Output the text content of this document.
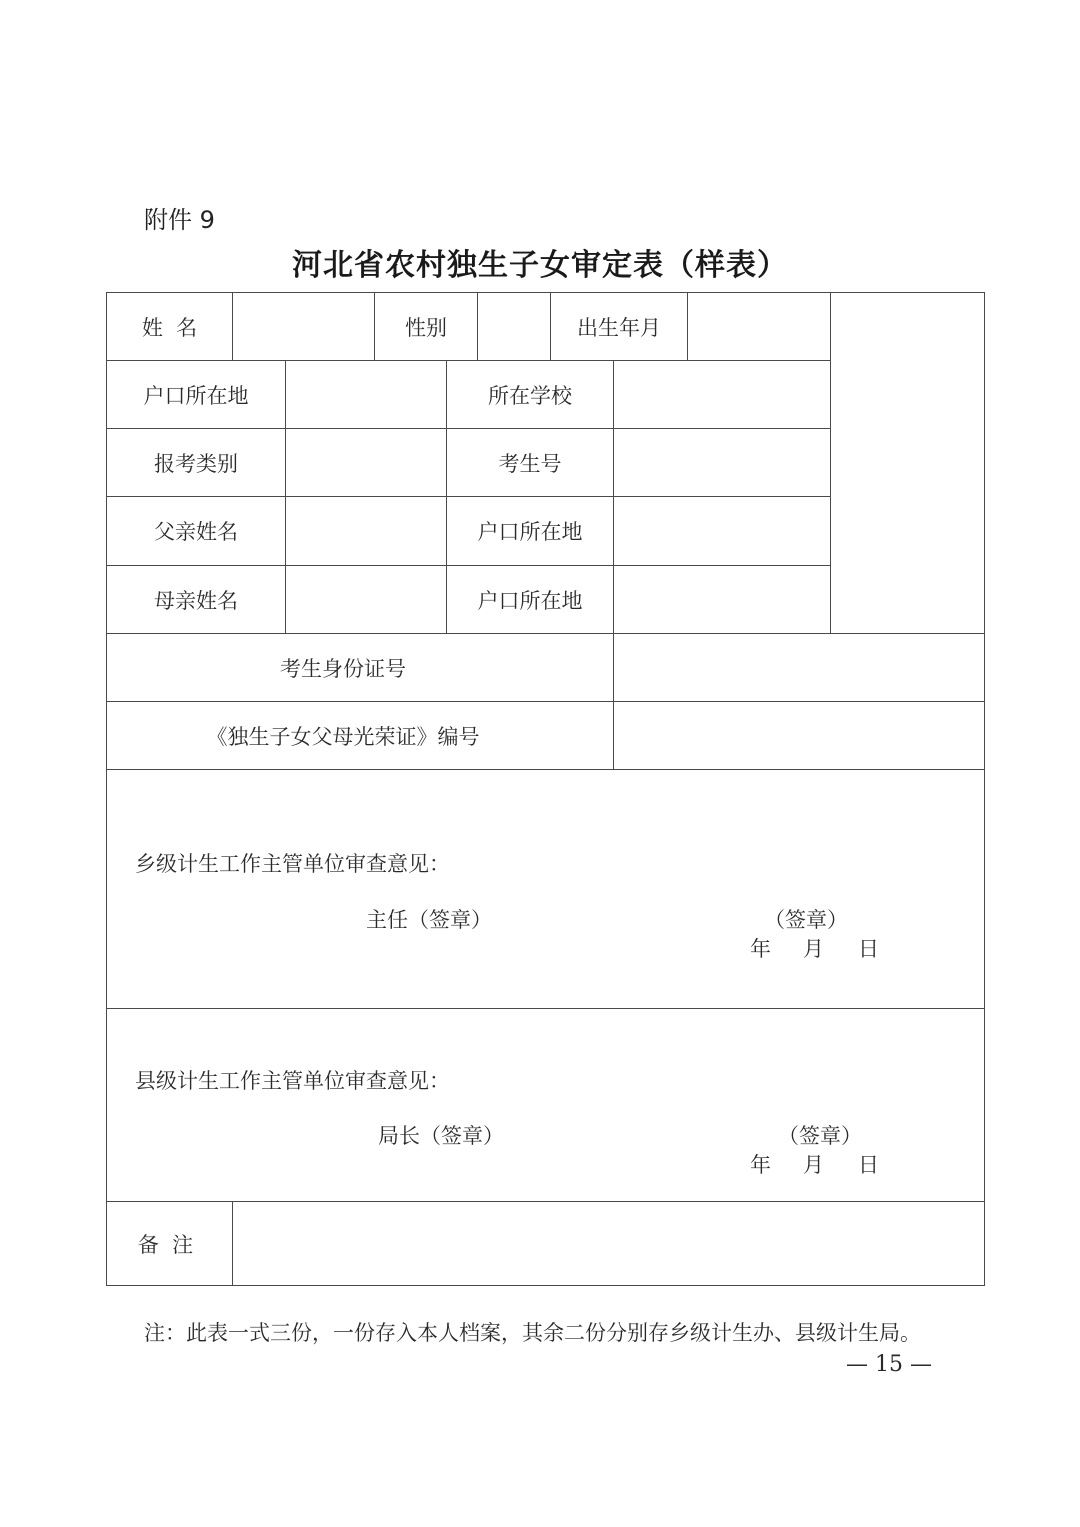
附件 9
河北省农村独生子女审定表（样表）
姓  名	性别	出生年月
户口所在地	所在学校
报考类别	考生号
父亲姓名	户口所在地
母亲姓名	户口所在地
考生身份证号
《独生子女父母光荣证》编号
乡级计生工作主管单位审查意见：
主任（签章）	（签章）
年 月 日
县级计生工作主管单位审查意见：
局长（签章）	（签章）
年 月 日
备  注
注：此表一式三份，一份存入本人档案，其余二份分别存乡级计生办、县级计生局。
— 15 —
